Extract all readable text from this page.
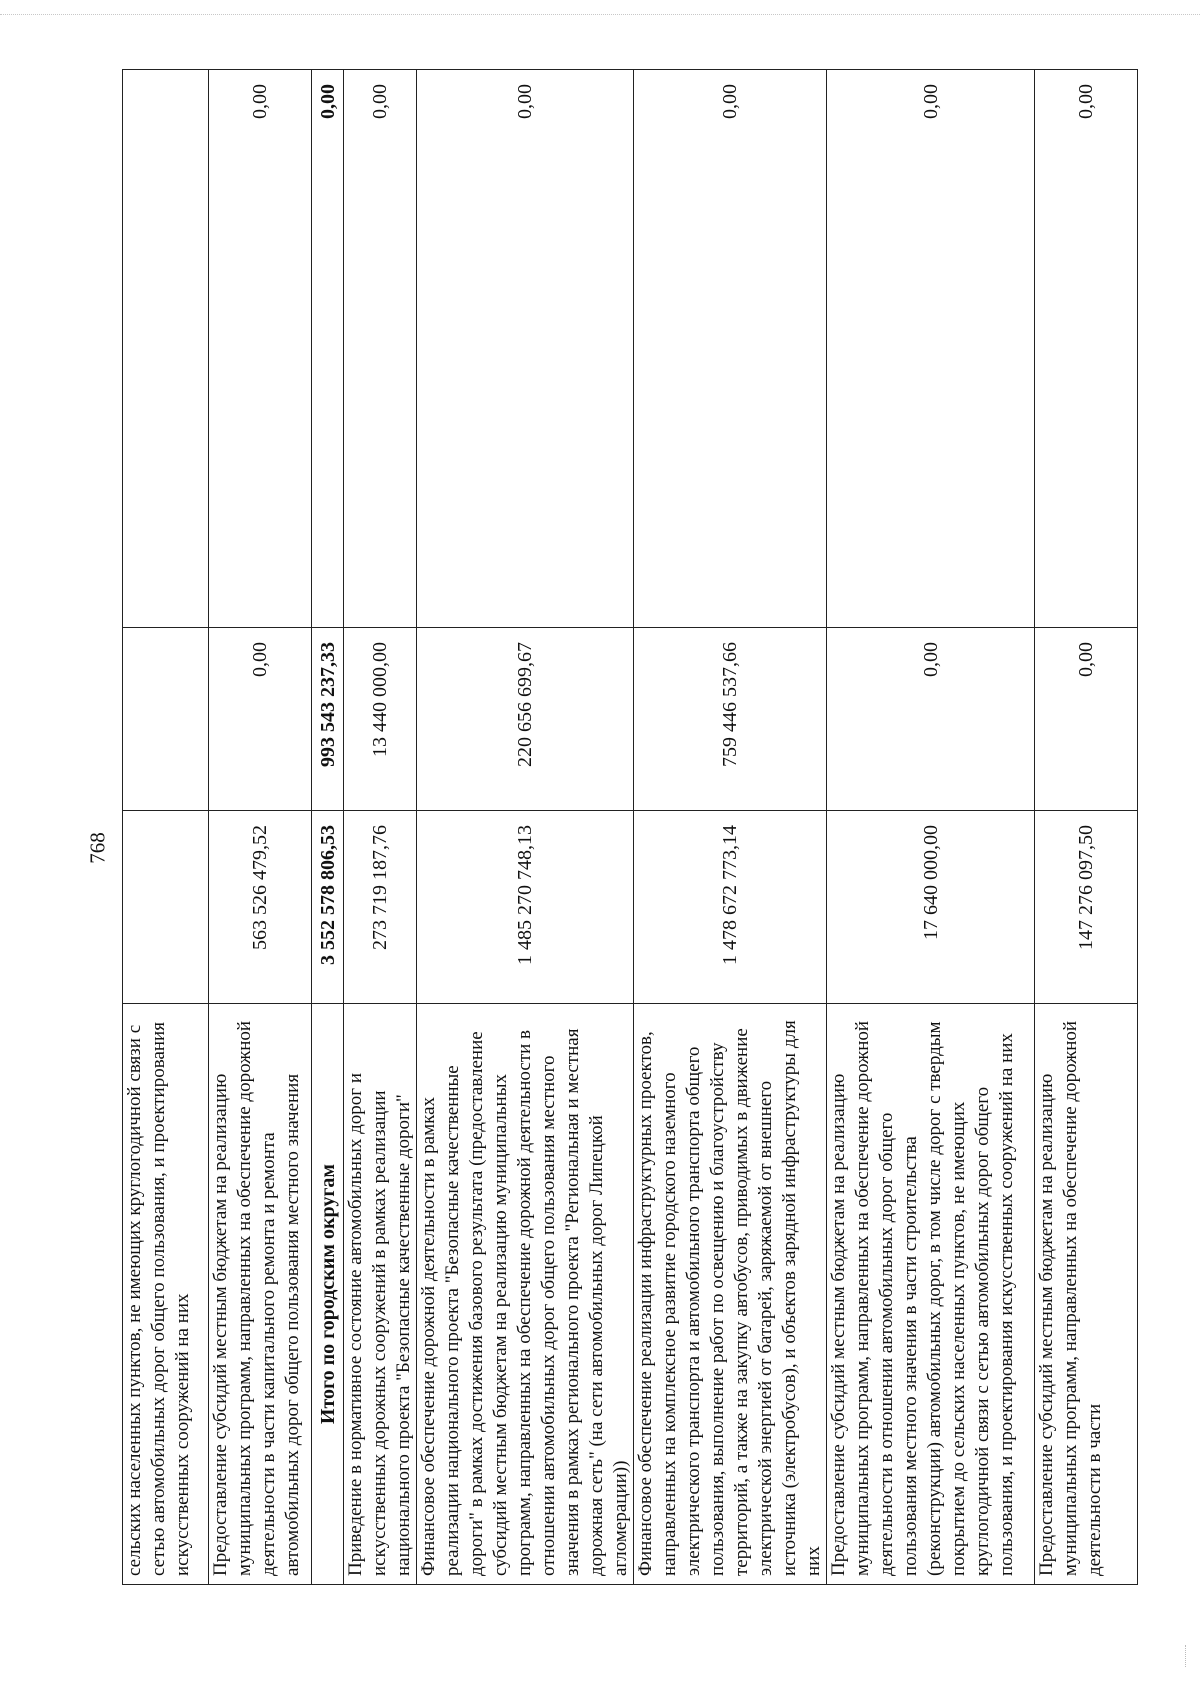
768
сельских населенных пунктов, не имеющих круглогодичной связи с сетью автомобильных дорог общего пользования, и проектирования искусственных сооружений на них			
Предоставление субсидий местным бюджетам на реализацию муниципальных программ, направленных на обеспечение дорожной деятельности в части капитального ремонта и ремонта автомобильных дорог общего пользования местного значения	563 526 479,52	0,00	0,00
Итого по городским округам	3 552 578 806,53	993 543 237,33	0,00
Приведение в нормативное состояние автомобильных дорог и искусственных дорожных сооружений в рамках реализации национального проекта "Безопасные качественные дороги"	273 719 187,76	13 440 000,00	0,00
Финансовое обеспечение дорожной деятельности в рамках реализации национального проекта "Безопасные качественные дороги" в рамках достижения базового результата (предоставление субсидий местным бюджетам на реализацию муниципальных программ, направленных на обеспечение дорожной деятельности в отношении автомобильных дорог общего пользования местного значения в рамках регионального проекта "Региональная и местная дорожная сеть" (на сети автомобильных дорог Липецкой агломерации))	1 485 270 748,13	220 656 699,67	0,00
Финансовое обеспечение реализации инфраструктурных проектов, направленных на комплексное развитие городского наземного электрического транспорта и автомобильного транспорта общего пользования, выполнение работ по освещению и благоустройству территорий, а также на закупку автобусов, приводимых в движение электрической энергией от батарей, заряжаемой от внешнего источника (электробусов), и объектов зарядной инфраструктуры для них	1 478 672 773,14	759 446 537,66	0,00
Предоставление субсидий местным бюджетам на реализацию муниципальных программ, направленных на обеспечение дорожной деятельности в отношении автомобильных дорог общего пользования местного значения в части строительства (реконструкции) автомобильных дорог, в том числе дорог с твердым покрытием до сельских населенных пунктов, не имеющих круглогодичной связи с сетью автомобильных дорог общего пользования, и проектирования искусственных сооружений на них	17 640 000,00	0,00	0,00
Предоставление субсидий местным бюджетам на реализацию муниципальных программ, направленных на обеспечение дорожной деятельности в части	147 276 097,50	0,00	0,00
